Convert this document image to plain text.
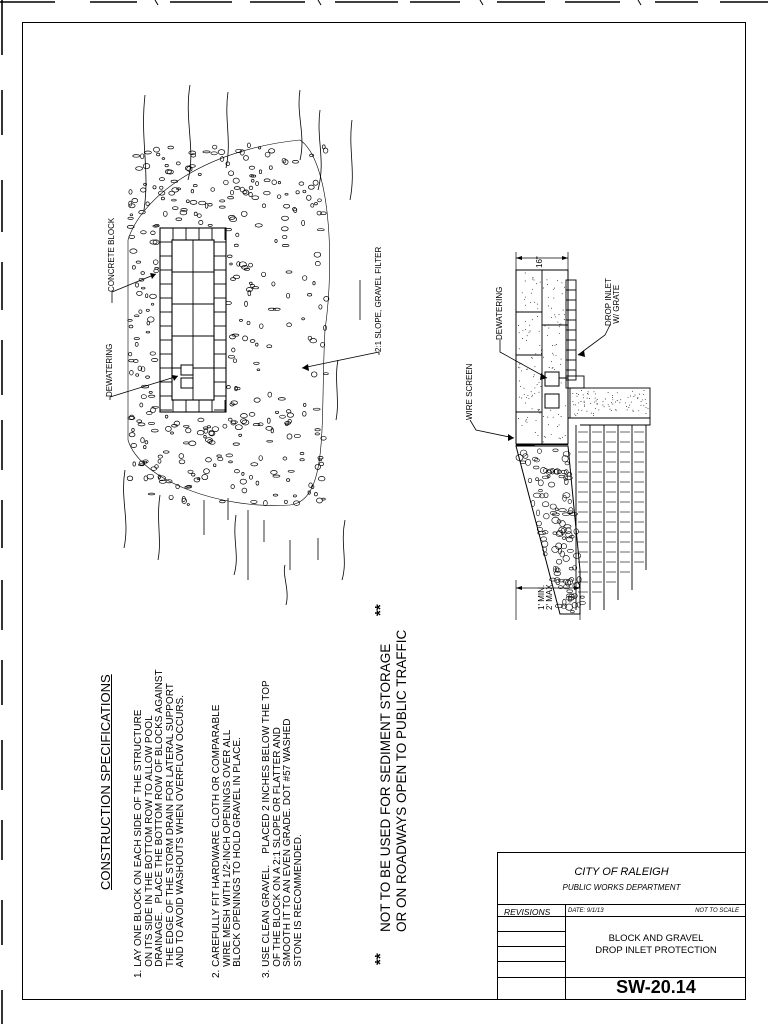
CONCRETE BLOCK
DEWATERING
2:1 SLOPE, GRAVEL FILTER
WIRE SCREEN
DEWATERING	DROP INLET
W/ GRATE
16"
1' MIN.
2' MAX.
CONSTRUCTION SPECIFICATIONS
1. LAY ONE BLOCK ON EACH SIDE OF THE STRUCTURE
ON ITS SIDE IN THE BOTTOM ROW TO ALLOW POOL
DRAINAGE.   PLACE THE BOTTOM ROW OF BLOCKS AGAINST
THE EDGE OF THE STORM DRAIN FOR LATERAL SUPPORT
AND TO AVOID WASHOUTS WHEN OVERFLOW OCCURS.
2. CAREFULLY FIT HARDWARE CLOTH OR COMPARABLE
WIRE MESH WITH 1/2-INCH OPENINGS OVER ALL
BLOCK OPENINGS TO HOLD GRAVEL IN PLACE.
3. USE CLEAN GRAVEL.    PLACED 2 INCHES BELOW THE TOP
OF THE BLOCK ON A 2:1 SLOPE OR FLATTER AND
SMOOTH IT TO AN EVEN GRADE. DOT #57 WASHED
STONE IS RECOMMENDED.
**
**
NOT TO BE USED FOR SEDIMENT STORAGE
OR ON ROADWAYS OPEN TO PUBLIC TRAFFIC
CITY OF RALEIGH
PUBLIC WORKS DEPARTMENT
REVISIONS	DATE: 9/1/13	NOT TO SCALE
BLOCK AND GRAVEL
DROP INLET PROTECTION
SW-20.14
